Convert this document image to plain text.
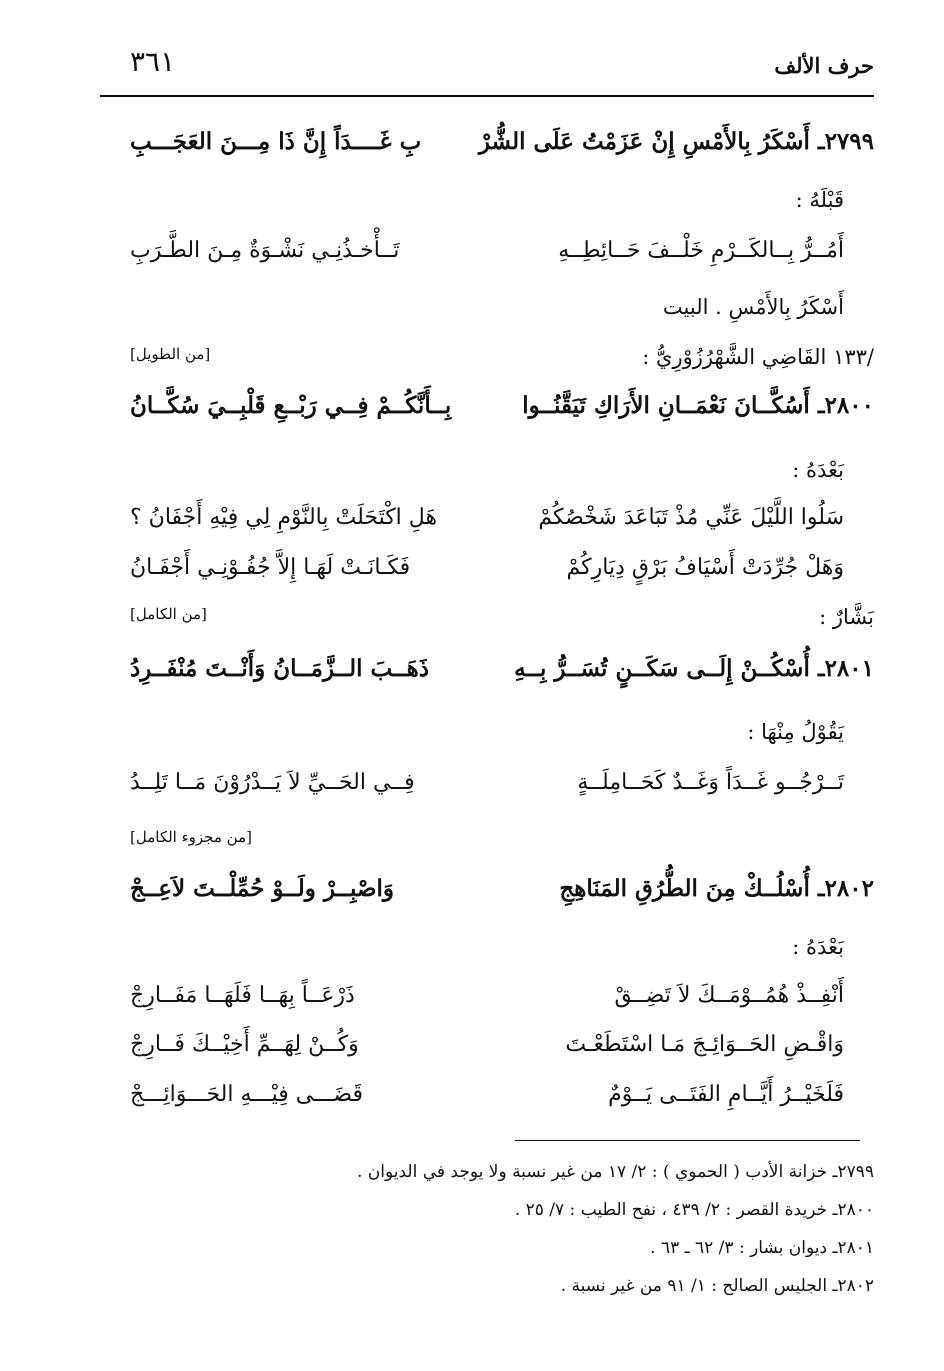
٣٦١	حرف الألف
٢٧٩٩ـ أَسْكَرُ بِالأَمْسِ إِنْ عَزَمْتُ عَلَى الشُّرْ
بِ غَــــدَاً إِنَّ ذَا مِـــنَ العَجَـــبِ
قَبْلَهُ :
أَمُــرُّ بِــالكَــرْمِ خَلْــفَ حَــائِطِــهِ
تَــأْخـذُنِـي نَشْـوَةٌ مِـنَ الطَّـرَبِ
أَسْكَرُ بِالأَمْسِ . البيت
/١٣٣ القَاضِي الشَّهْرُزُوْرِيُّ :
[من الطويل]
٢٨٠٠ـ أَسُكَّــانَ نَعْمَــانِ الأَرَاكِ تَيَقَّنُــوا
بِــأَنَّكُــمْ فِــي رَبْــعِ قَلْبِــيَ سُكَّــانُ
بَعْدَهُ :
سَلُوا اللَّيْلَ عَنِّي مُذْ تَبَاعَدَ شَخْصُكُمْ
هَلِ اكْتَحَلَتْ بِالنَّوْمِ لِي فِيْهِ أَجْفَانُ ؟
وَهَلْ جُرِّدَتْ أَسْيَافُ بَرْقٍ دِيَارِكُمْ
فَكَـانَـتْ لَهَـا إِلاَّ جُفُـوْنِـي أَجْفَـانُ
بَشَّارٌ :
[من الكامل]
٢٨٠١ـ أُسْكُــنْ إِلَــى سَكَــنٍ تُسَــرُّ بِــهِ
ذَهَــبَ الــزَّمَــانُ وَأَنْــتَ مُنْفَــرِدُ
يَقُوْلُ مِنْهَا :
تَــرْجُــو غَــدَاً وَغَــدٌ كَحَــامِلَــةٍ
فِــي الحَــيِّ لاَ يَــدْرُوْنَ مَــا تَلِــدُ
[من مجزوء الكامل]
٢٨٠٢ـ أُسْلُــكْ مِنَ الطُّرُقِ المَنَاهِجِ
وَاصْبِــرْ ولَــوْ حُمِّلْــتَ لاَعِــجْ
بَعْدَهُ :
أَنْفِــذْ هُمُــوْمَــكَ لاَ تَضِــقْ
ذَرْعَــاً بِهَــا فَلَهَــا مَفَــارِجْ
وَاقْـضِ الحَــوَائِـجَ مَـا اسْتَطَعْـتَ
وَكُــنْ لِهَــمِّ أَخِيْــكَ فَــارِجْ
فَلَخَيْــرُ أَيَّــامِ الفَتَــى يَــوْمٌ
قَضَـــى فِيْـــهِ الحَـــوَائِـــجْ
٢٧٩٩ـ خزانة الأدب ( الحموي ) : ٢/ ١٧ من غير نسبة ولا يوجد في الديوان .
٢٨٠٠ـ خريدة القصر : ٢/ ٤٣٩ ، نفح الطيب : ٧/ ٢٥ .
٢٨٠١ـ ديوان بشار : ٣/ ٦٢ ـ ٦٣ .
٢٨٠٢ـ الجليس الصالح : ١/ ٩١ من غير نسبة .
